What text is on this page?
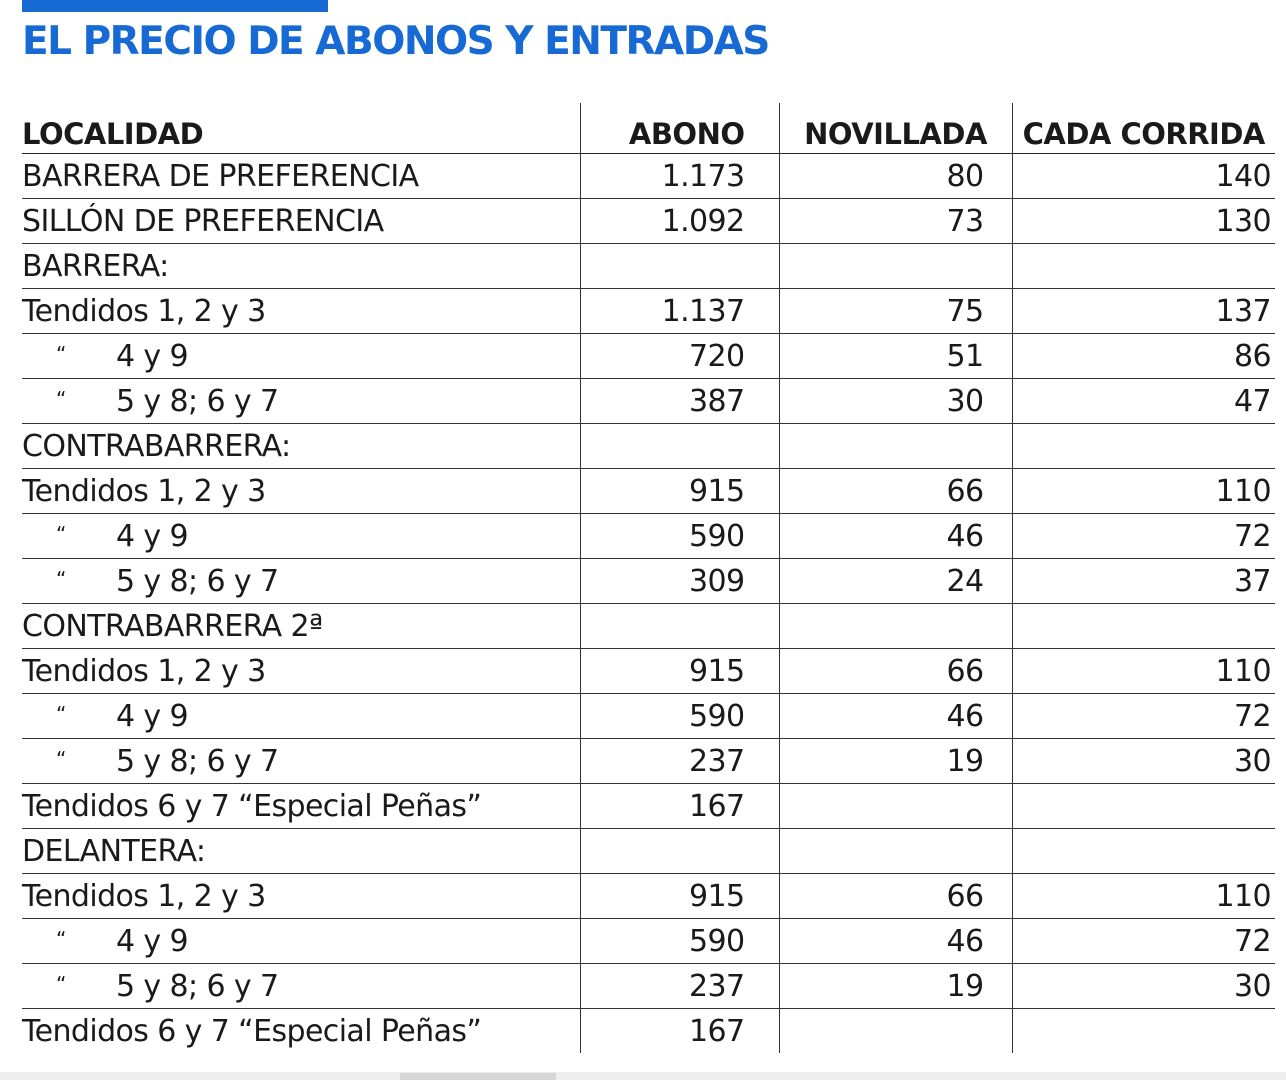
EL PRECIO DE ABONOS Y ENTRADAS
LOCALIDAD	ABONO	NOVILLADA	CADA CORRIDA
BARRERA DE PREFERENCIA	1.173	80	140
SILLÓN DE PREFERENCIA	1.092	73	130
BARRERA:			
Tendidos 1, 2 y 3	1.137	75	137
“ 4 y 9	720	51	86
“ 5 y 8; 6 y 7	387	30	47
CONTRABARRERA:			
Tendidos 1, 2 y 3	915	66	110
“ 4 y 9	590	46	72
“ 5 y 8; 6 y 7	309	24	37
CONTRABARRERA 2ª			
Tendidos 1, 2 y 3	915	66	110
“ 4 y 9	590	46	72
“ 5 y 8; 6 y 7	237	19	30
Tendidos 6 y 7 “Especial Peñas”	167		
DELANTERA:			
Tendidos 1, 2 y 3	915	66	110
“ 4 y 9	590	46	72
“ 5 y 8; 6 y 7	237	19	30
Tendidos 6 y 7 “Especial Peñas”	167		
